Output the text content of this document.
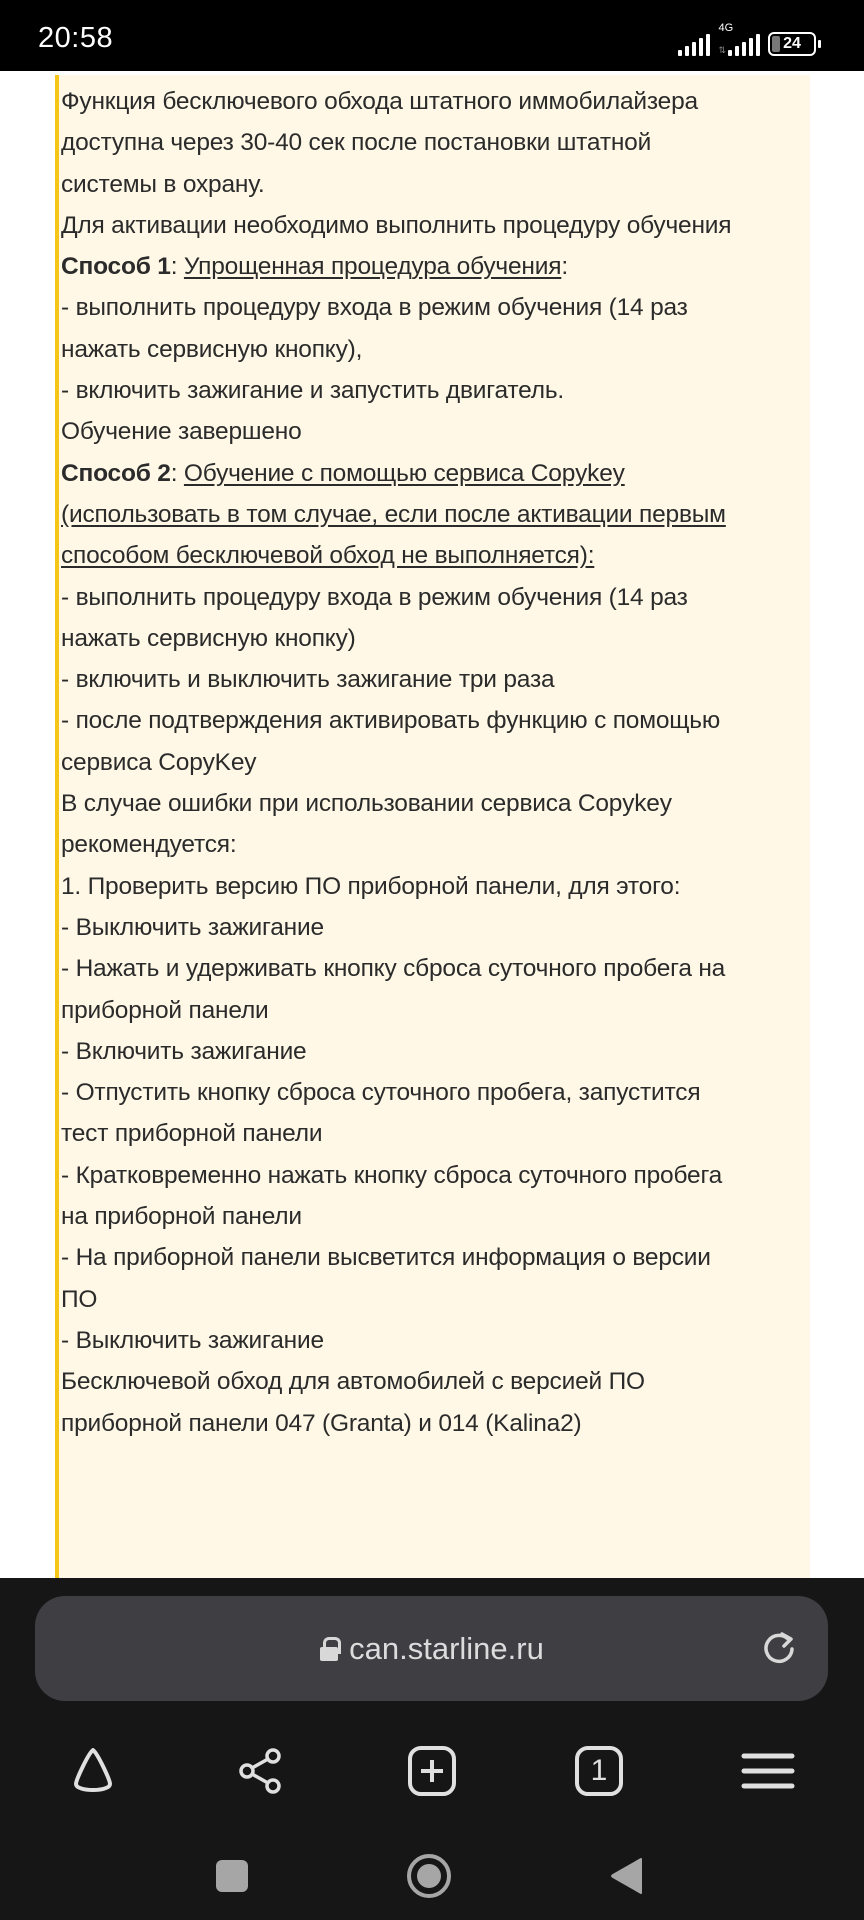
20:58	4G
⇅	24

Функция бесключевого обхода штатного иммобилайзера доступна через 30-40 сек после постановки штатной системы в охрану.

Для активации необходимо выполнить процедуру обучения

Способ 1: Упрощенная процедура обучения:

- выполнить процедуру входа в режим обучения (14 раз нажать сервисную кнопку),

- включить зажигание и запустить двигатель.

Обучение завершено

Способ 2: Обучение с помощью сервиса Copykey (использовать в том случае, если после активации первым способом бесключевой обход не выполняется):

- выполнить процедуру входа в режим обучения (14 раз нажать сервисную кнопку)

- включить и выключить зажигание три раза

- после подтверждения активировать функцию с помощью сервиса CopyKey

В случае ошибки при использовании сервиса Copykey рекомендуется:

1. Проверить версию ПО приборной панели, для этого:

- Выключить зажигание

- Нажать и удерживать кнопку сброса суточного пробега на приборной панели

- Включить зажигание

- Отпустить кнопку сброса суточного пробега, запустится тест приборной панели

- Кратковременно нажать кнопку сброса суточного пробега на приборной панели

- На приборной панели высветится информация о версии ПО

- Выключить зажигание

Бесключевой обход для автомобилей с версией ПО приборной панели 047 (Granta) и 014 (Kalina2)

can.starline.ru
1
